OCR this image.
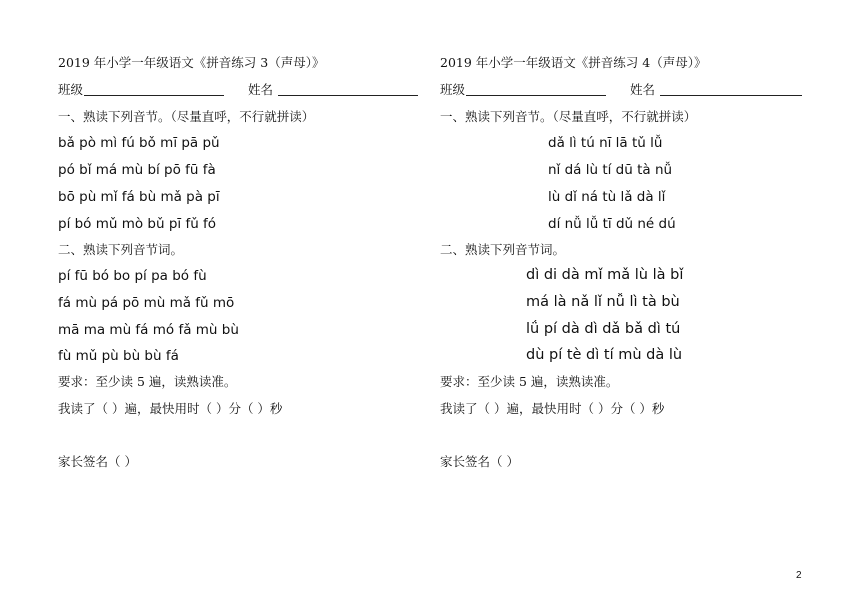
2019 年小学一年级语文《拼音练习 3（声母）》
班级	姓名
一、熟读下列音节。（尽量直呼，不行就拼读）
bǎ pò mì fú bǒ mī pā pǔ
pó bǐ má mù bí pō fū fà
bō pù mǐ fá bù mǎ pà pī
pí bó mǔ mò bǔ pī fǔ fó
二、熟读下列音节词。
pí fū bó bo pí pa bó fù
fá mù pá pō mù mǎ fǔ mō
mā ma mù fá mó fǎ mù bù
fù mǔ pù bù bù fá
要求：至少读 5 遍，读熟读准。
我读了（ ）遍，最快用时（ ）分（ ）秒
家长签名（ ）
2019 年小学一年级语文《拼音练习 4（声母）》
班级	姓名
一、熟读下列音节。（尽量直呼，不行就拼读）
dǎ lì tú nī lā tǔ lǚ
nǐ dá lù tí dū tà nǚ
lù dǐ ná tù lǎ dà lǐ
dí nǚ lǚ tī dǔ né dú
二、熟读下列音节词。
dì di dà mǐ mǎ lù là bǐ
má là nǎ lǐ nǚ lì tà bù
lǘ pí dà dì dǎ bǎ dì tú
dù pí tè dì tí mù dà lù
要求：至少读 5 遍，读熟读准。
我读了（ ）遍，最快用时（ ）分（ ）秒
家长签名（ ）
2
